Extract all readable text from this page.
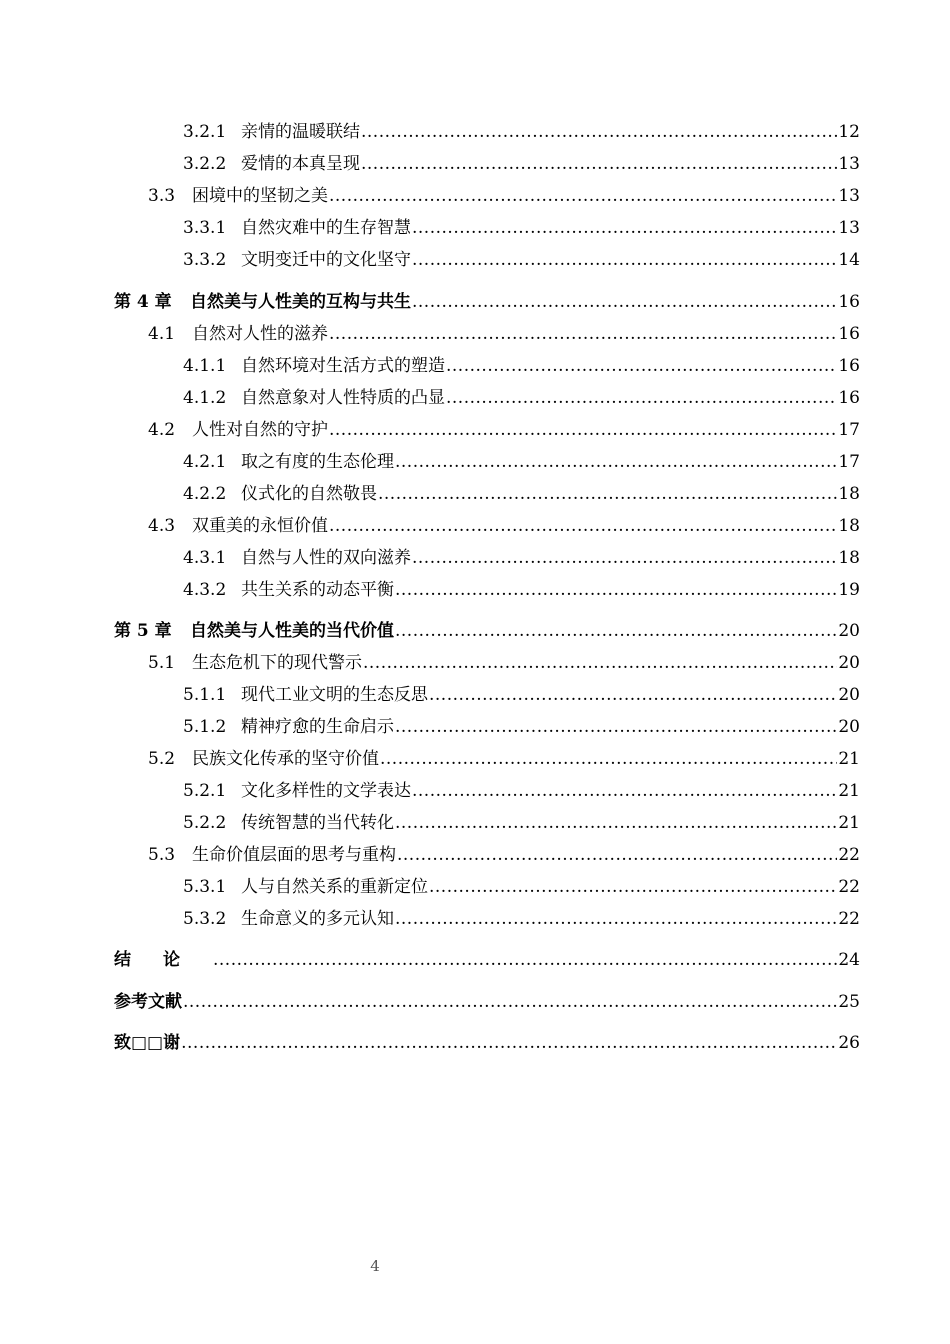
3.2.1 亲情的温暖联结 .....	12
3.2.2 爱情的本真呈现 .....	13
3.3 困境中的坚韧之美 .....	13
3.3.1 自然灾难中的生存智慧 .....	13
3.3.2 文明变迁中的文化坚守 .....	14
第 4 章	自然美与人性美的互构与共生 .....	16
4.1 自然对人性的滋养 .....	16
4.1.1 自然环境对生活方式的塑造 .....	16
4.1.2 自然意象对人性特质的凸显 .....	16
4.2 人性对自然的守护 .....	17
4.2.1 取之有度的生态伦理 .....	17
4.2.2 仪式化的自然敬畏 .....	18
4.3 双重美的永恒价值 .....	18
4.3.1 自然与人性的双向滋养 .....	18
4.3.2 共生关系的动态平衡 .....	19
第 5 章	自然美与人性美的当代价值 .....	20
5.1 生态危机下的现代警示 .....	20
5.1.1 现代工业文明的生态反思 .....	20
5.1.2 精神疗愈的生命启示 .....	20
5.2 民族文化传承的坚守价值 .....	21
5.2.1 文化多样性的文学表达 .....	21
5.2.2 传统智慧的当代转化 .....	21
5.3 生命价值层面的思考与重构 .....	22
5.3.1 人与自然关系的重新定位 .....	22
5.3.2 生命意义的多元认知 .....	22
结论 .....	24
参考文献 .....	25
致□□谢 .....	26
4
